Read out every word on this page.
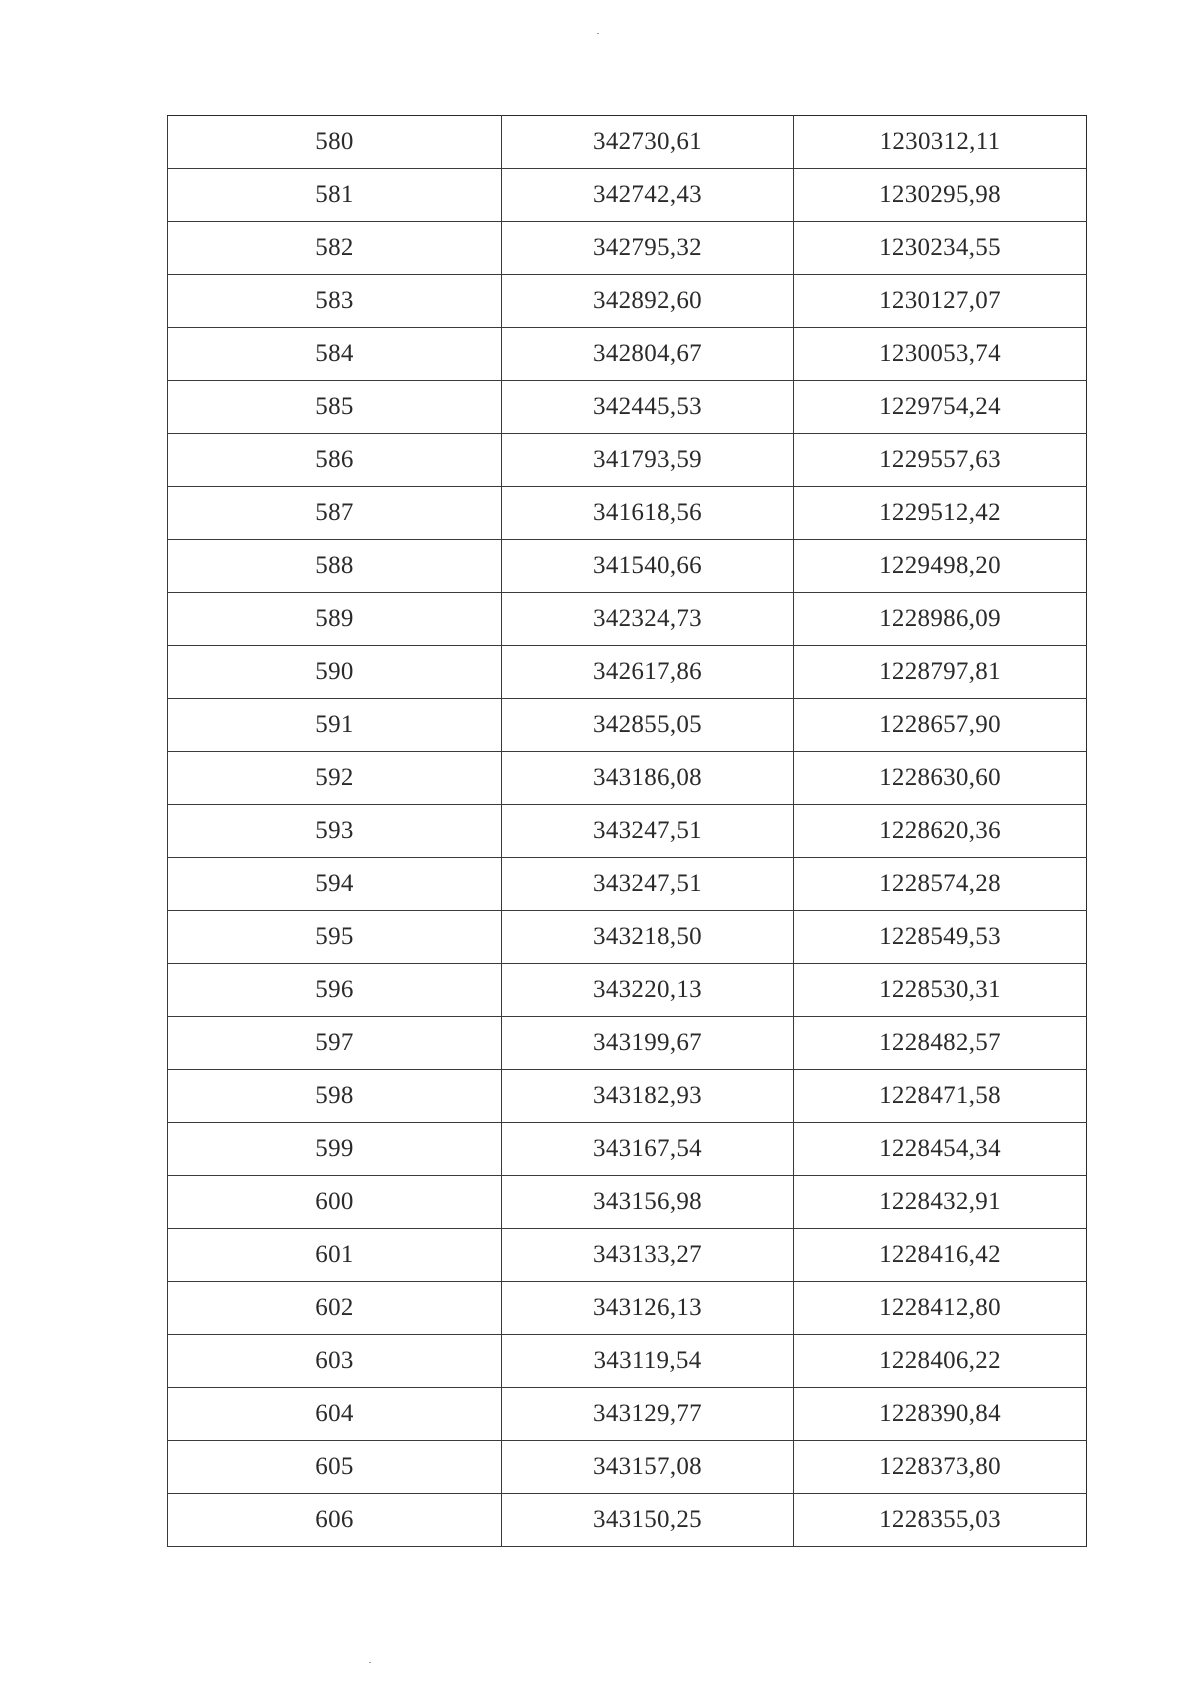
580	342730,61	1230312,11
581	342742,43	1230295,98
582	342795,32	1230234,55
583	342892,60	1230127,07
584	342804,67	1230053,74
585	342445,53	1229754,24
586	341793,59	1229557,63
587	341618,56	1229512,42
588	341540,66	1229498,20
589	342324,73	1228986,09
590	342617,86	1228797,81
591	342855,05	1228657,90
592	343186,08	1228630,60
593	343247,51	1228620,36
594	343247,51	1228574,28
595	343218,50	1228549,53
596	343220,13	1228530,31
597	343199,67	1228482,57
598	343182,93	1228471,58
599	343167,54	1228454,34
600	343156,98	1228432,91
601	343133,27	1228416,42
602	343126,13	1228412,80
603	343119,54	1228406,22
604	343129,77	1228390,84
605	343157,08	1228373,80
606	343150,25	1228355,03
